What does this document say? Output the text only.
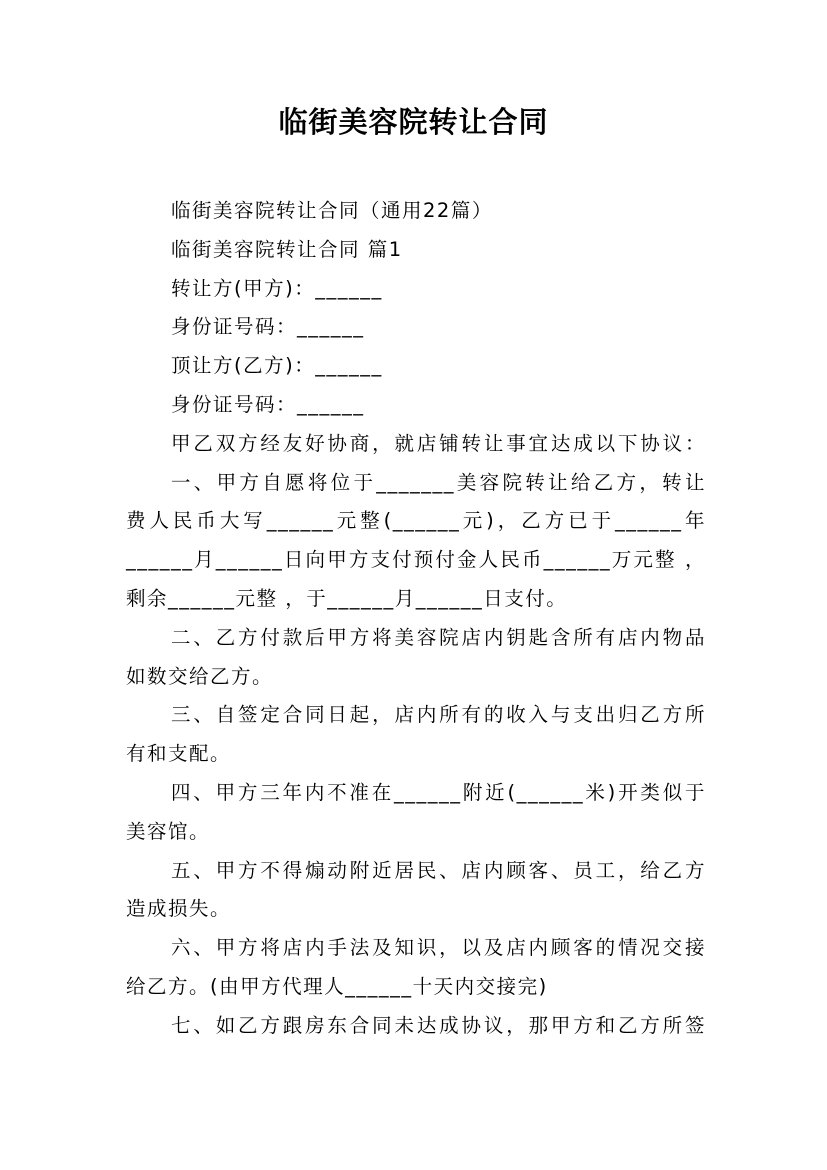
临街美容院转让合同

临街美容院转让合同（通用22篇）

临街美容院转让合同 篇1

转让方(甲方)：______

身份证号码：______

顶让方(乙方)：______

身份证号码：______

甲乙双方经友好协商，就店铺转让事宜达成以下协议：

一、甲方自愿将位于_______美容院转让给乙方，转让

费人民币大写______元整(______元)，乙方已于______年

______月______日向甲方支付预付金人民币______万元整 ，

剩余______元整 ，于______月______日支付。

二、乙方付款后甲方将美容院店内钥匙含所有店内物品

如数交给乙方。

三、自签定合同日起，店内所有的收入与支出归乙方所

有和支配。

四、甲方三年内不准在______附近(______米)开类似于

美容馆。

五、甲方不得煽动附近居民、店内顾客、员工，给乙方

造成损失。

六、甲方将店内手法及知识，以及店内顾客的情况交接

给乙方。(由甲方代理人______十天内交接完)

七、如乙方跟房东合同未达成协议，那甲方和乙方所签
